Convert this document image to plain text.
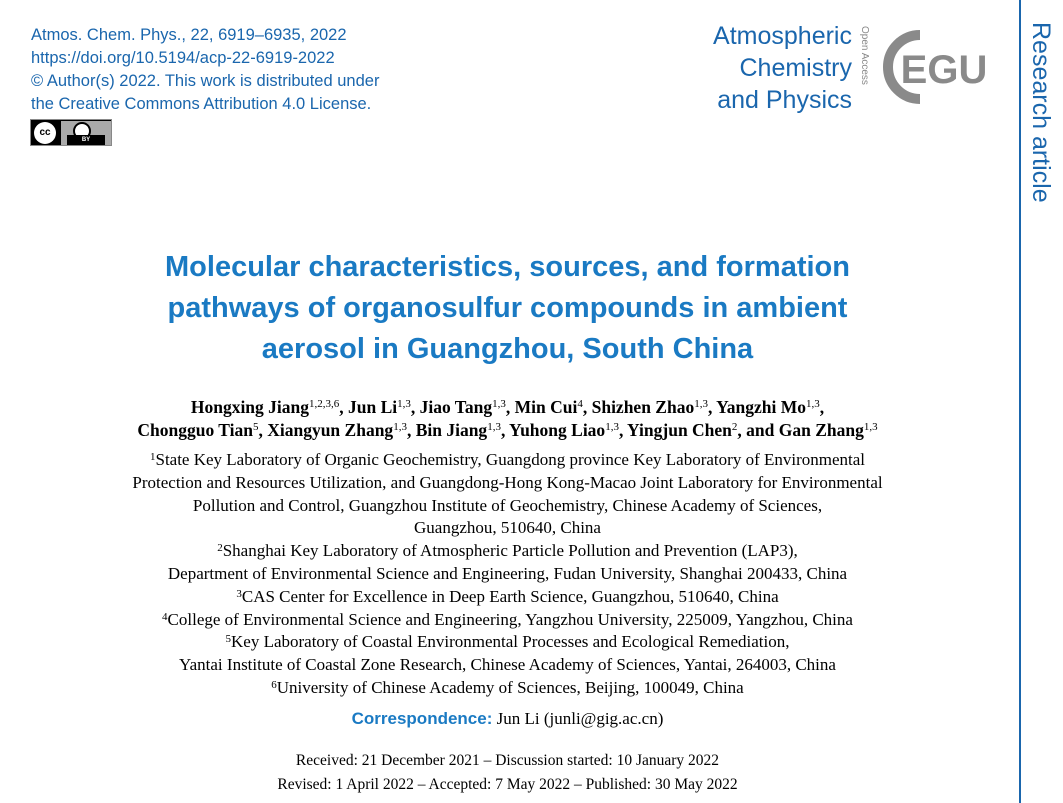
Atmos. Chem. Phys., 22, 6919–6935, 2022
https://doi.org/10.5194/acp-22-6919-2022
© Author(s) 2022. This work is distributed under
the Creative Commons Attribution 4.0 License.
cc
BY
Atmospheric
Chemistry
and Physics
Open Access EGU Research article
Molecular characteristics, sources, and formation
pathways of organosulfur compounds in ambient
aerosol in Guangzhou, South China
Hongxing Jiang$^{1,2,3,6}$, Jun Li$^{1,3}$, Jiao Tang$^{1,3}$, Min Cui$^4$, Shizhen Zhao$^{1,3}$, Yangzhi Mo$^{1,3}$,
Chongguo Tian$^5$, Xiangyun Zhang$^{1,3}$, Bin Jiang$^{1,3}$, Yuhong Liao$^{1,3}$, Yingjun Chen$^2$, and Gan Zhang$^{1,3}$
$^1$State Key Laboratory of Organic Geochemistry, Guangdong province Key Laboratory of Environmental
Protection and Resources Utilization, and Guangdong-Hong Kong-Macao Joint Laboratory for Environmental
Pollution and Control, Guangzhou Institute of Geochemistry, Chinese Academy of Sciences,
Guangzhou, 510640, China
$^2$Shanghai Key Laboratory of Atmospheric Particle Pollution and Prevention (LAP3),
Department of Environmental Science and Engineering, Fudan University, Shanghai 200433, China
$^3$CAS Center for Excellence in Deep Earth Science, Guangzhou, 510640, China
$^4$College of Environmental Science and Engineering, Yangzhou University, 225009, Yangzhou, China
$^5$Key Laboratory of Coastal Environmental Processes and Ecological Remediation,
Yantai Institute of Coastal Zone Research, Chinese Academy of Sciences, Yantai, 264003, China
$^6$University of Chinese Academy of Sciences, Beijing, 100049, China
Correspondence: Jun Li (junli@gig.ac.cn)
Received: 21 December 2021 – Discussion started: 10 January 2022
Revised: 1 April 2022 – Accepted: 7 May 2022 – Published: 30 May 2022
